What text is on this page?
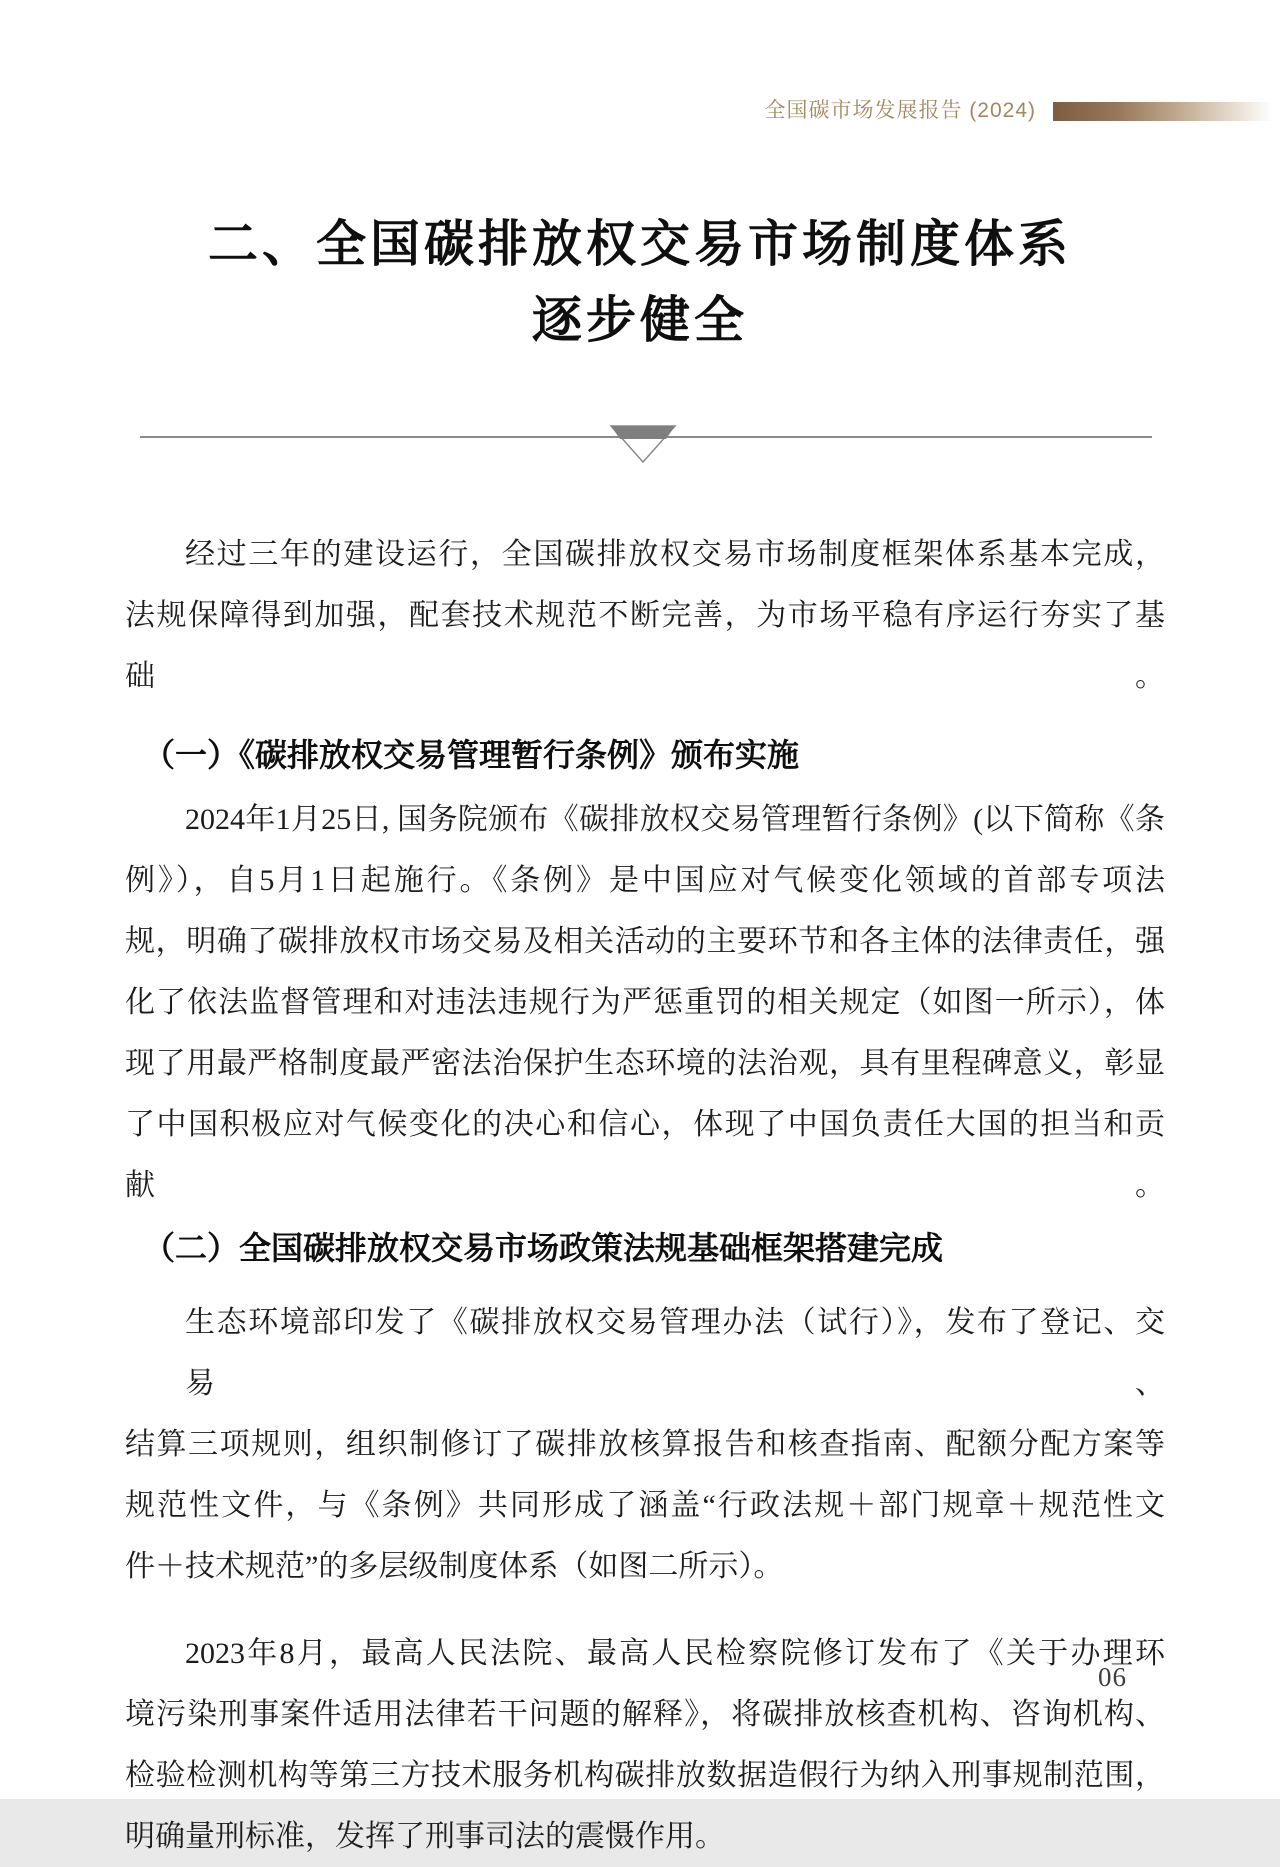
全国碳市场发展报告 (2024)
二、全国碳排放权交易市场制度体系
逐步健全
经过三年的建设运行，全国碳排放权交易市场制度框架体系基本完成，
法规保障得到加强，配套技术规范不断完善，为市场平稳有序运行夯实了基础。
（一）《碳排放权交易管理暂行条例》颁布实施
2024年1月25日, 国务院颁布《碳排放权交易管理暂行条例》(以下简称《条
例》），自5月1日起施行。《条例》是中国应对气候变化领域的首部专项法
规，明确了碳排放权市场交易及相关活动的主要环节和各主体的法律责任，强
化了依法监督管理和对违法违规行为严惩重罚的相关规定（如图一所示），体
现了用最严格制度最严密法治保护生态环境的法治观，具有里程碑意义，彰显
了中国积极应对气候变化的决心和信心，体现了中国负责任大国的担当和贡献。
（二）全国碳排放权交易市场政策法规基础框架搭建完成
生态环境部印发了《碳排放权交易管理办法（试行）》，发布了登记、交易、
结算三项规则，组织制修订了碳排放核算报告和核查指南、配额分配方案等
规范性文件，与《条例》共同形成了涵盖“行政法规＋部门规章＋规范性文
件＋技术规范”的多层级制度体系（如图二所示）。
2023年8月，最高人民法院、最高人民检察院修订发布了《关于办理环
境污染刑事案件适用法律若干问题的解释》，将碳排放核查机构、咨询机构、
检验检测机构等第三方技术服务机构碳排放数据造假行为纳入刑事规制范围，
明确量刑标准，发挥了刑事司法的震慑作用。
06
